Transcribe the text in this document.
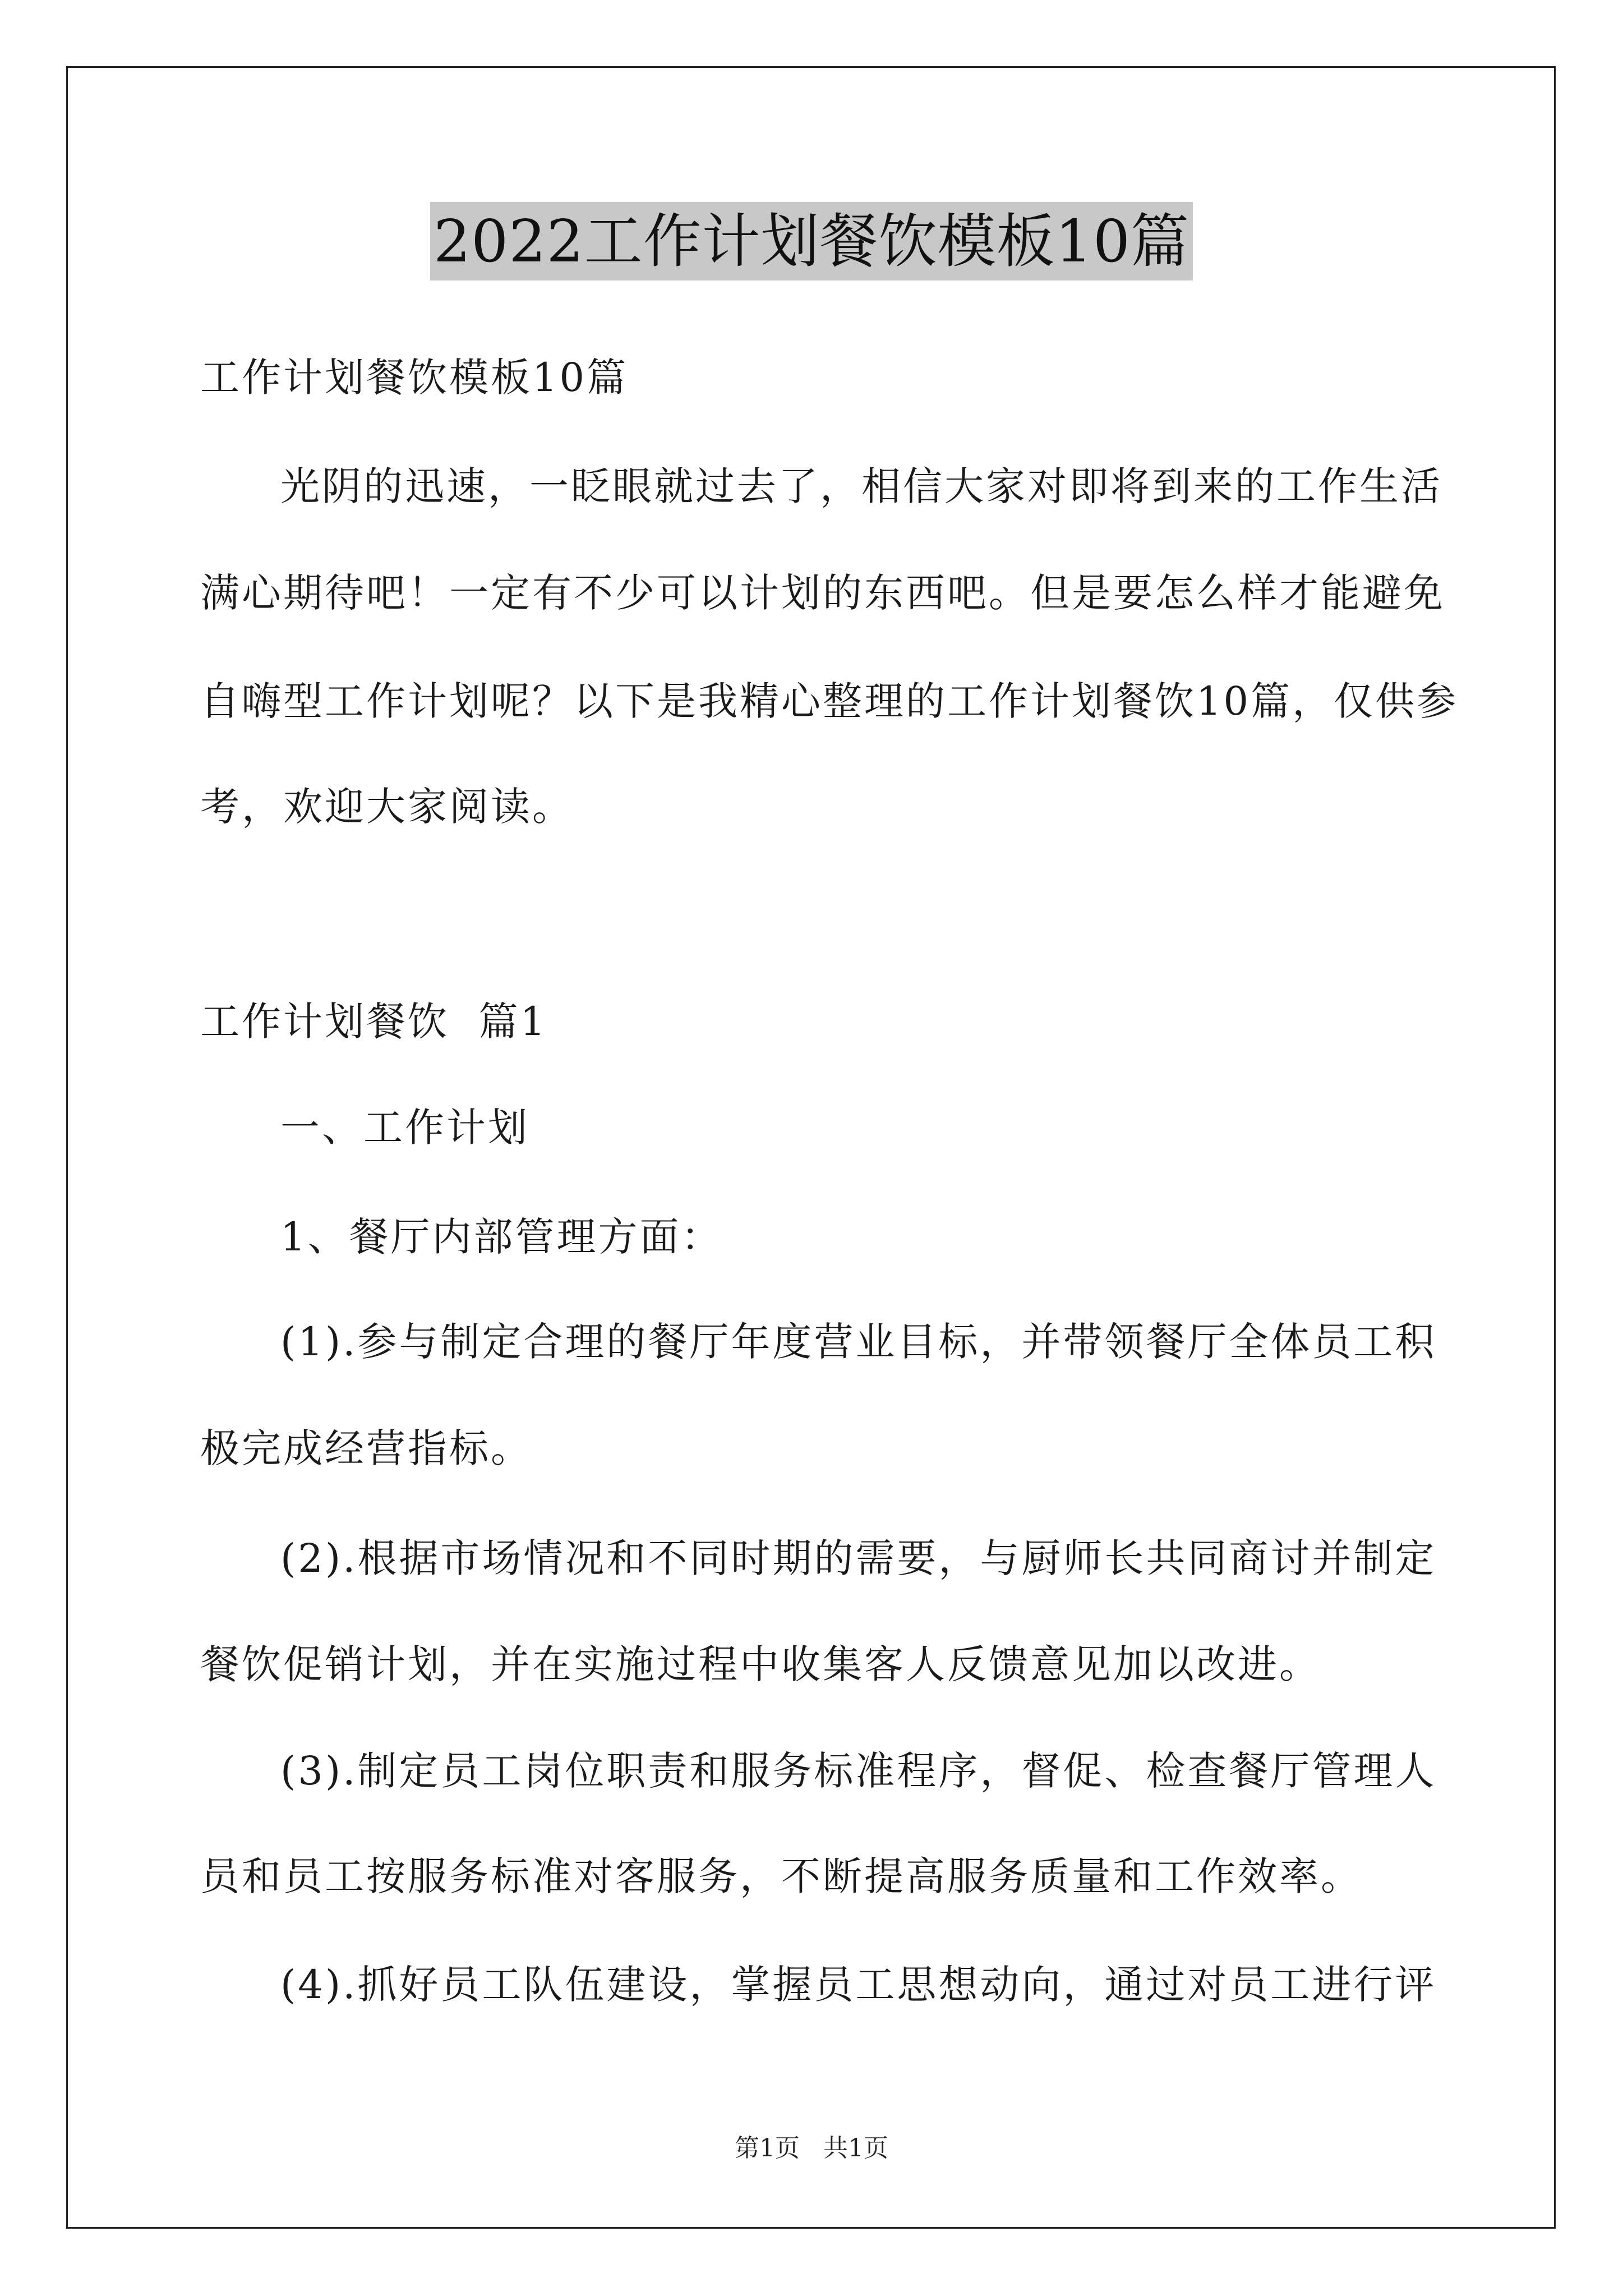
2022工作计划餐饮模板10篇
工作计划餐饮模板10篇
光阴的迅速，一眨眼就过去了，相信大家对即将到来的工作生活
满心期待吧！一定有不少可以计划的东西吧。但是要怎么样才能避免
自嗨型工作计划呢？以下是我精心整理的工作计划餐饮10篇，仅供参
考，欢迎大家阅读。
工作计划餐饮  篇1
一、工作计划
1、餐厅内部管理方面：
(1).参与制定合理的餐厅年度营业目标，并带领餐厅全体员工积
极完成经营指标。
(2).根据市场情况和不同时期的需要，与厨师长共同商讨并制定
餐饮促销计划，并在实施过程中收集客人反馈意见加以改进。
(3).制定员工岗位职责和服务标准程序，督促、检查餐厅管理人
员和员工按服务标准对客服务，不断提高服务质量和工作效率。
(4).抓好员工队伍建设，掌握员工思想动向，通过对员工进行评
第1页   共1页
